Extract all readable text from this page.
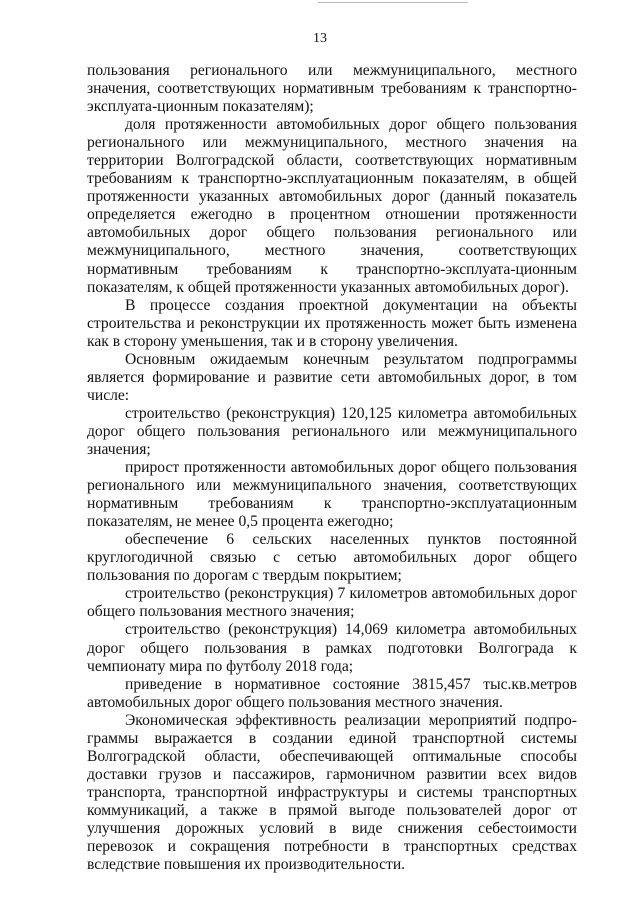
13

пользования регионального или межмуниципального, местного значения, соответствующих нормативным требованиям к транспортно-эксплуата-ционным показателям);

доля протяженности автомобильных дорог общего пользования регионального или межмуниципального, местного значения на территории Волгоградской области, соответствующих нормативным требованиям к транспортно-эксплуатационным показателям, в общей протяженности указанных автомобильных дорог (данный показатель определяется ежегодно в процентном отношении протяженности автомобильных дорог общего пользования регионального или межмуниципального, местного значения, соответствующих нормативным требованиям к транспортно-эксплуата-ционным показателям, к общей протяженности указанных автомобильных дорог).

В процессе создания проектной документации на объекты строительства и реконструкции их протяженность может быть изменена как в сторону уменьшения, так и в сторону увеличения.

Основным ожидаемым конечным результатом подпрограммы является формирование и развитие сети автомобильных дорог, в том числе:

строительство (реконструкция) 120,125 километра автомобильных дорог общего пользования регионального или межмуниципального значения;

прирост протяженности автомобильных дорог общего пользования регионального или межмуниципального значения, соответствующих нормативным требованиям к транспортно-эксплуатационным показателям, не менее 0,5 процента ежегодно;

обеспечение 6 сельских населенных пунктов постоянной круглогодичной связью с сетью автомобильных дорог общего пользования по дорогам с твердым покрытием;

строительство (реконструкция) 7 километров автомобильных дорог общего пользования местного значения;

строительство (реконструкция) 14,069 километра автомобильных дорог общего пользования в рамках подготовки Волгограда к чемпионату мира по футболу 2018 года;

приведение в нормативное состояние 3815,457 тыс.кв.метров автомобильных дорог общего пользования местного значения.

Экономическая эффективность реализации мероприятий подпро-граммы выражается в создании единой транспортной системы Волгоградской области, обеспечивающей оптимальные способы доставки грузов и пассажиров, гармоничном развитии всех видов транспорта, транспортной инфраструктуры и системы транспортных коммуникаций, а также в прямой выгоде пользователей дорог от улучшения дорожных условий в виде снижения себестоимости перевозок и сокращения потребности в транспортных средствах вследствие повышения их производительности.
